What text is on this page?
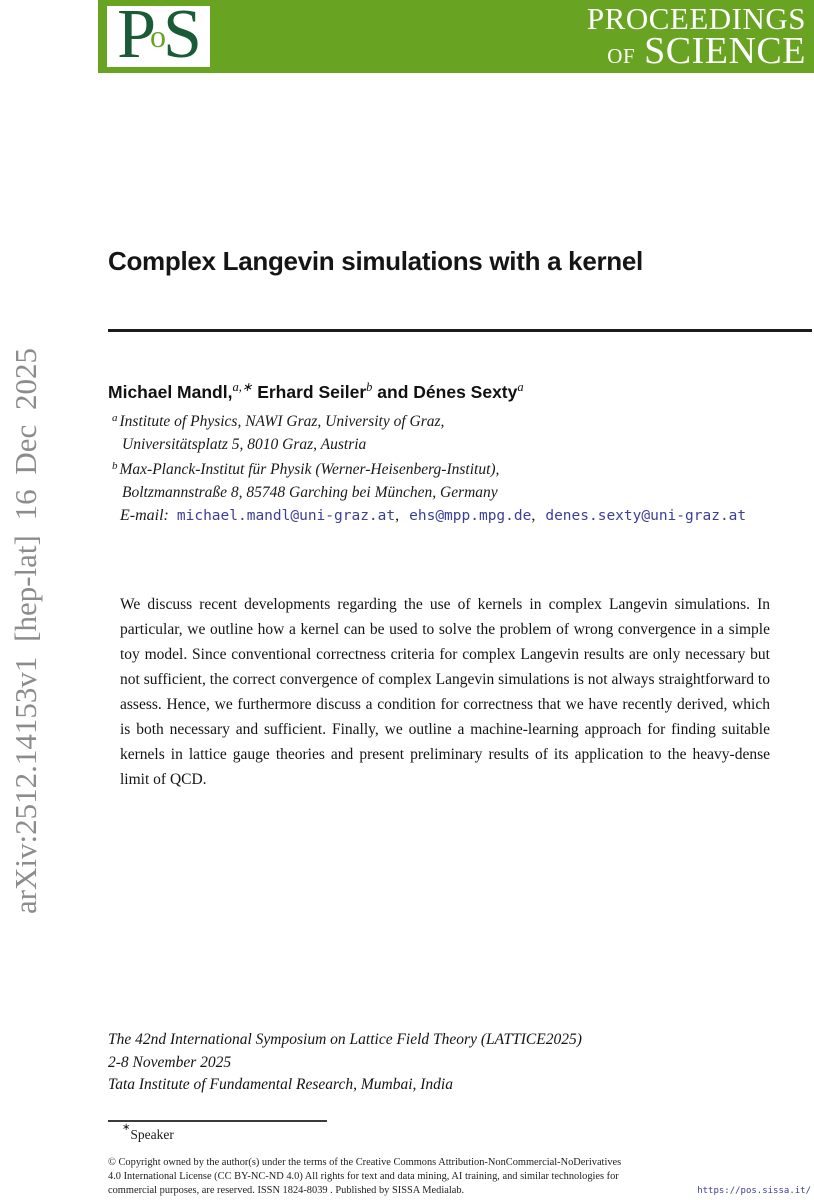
P
o
S	PROCEEDINGS
OF SCIENCE
arXiv:2512.14153v1 [hep-lat] 16 Dec 2025
Complex Langevin simulations with a kernel
Michael Mandl,$^{a,∗}$ Erhard Seiler$^b$ and Dénes Sexty$^a$
$^a$ Institute of Physics, NAWI Graz, University of Graz,
Universitätsplatz 5, 8010 Graz, Austria
$^b$ Max-Planck-Institut für Physik (Werner-Heisenberg-Institut),
Boltzmannstraße 8, 85748 Garching bei München, Germany
E-mail: michael.mandl@uni-graz.at, ehs@mpp.mpg.de, denes.sexty@uni-graz.at
We discuss recent developments regarding the use of kernels in complex Langevin simulations. In particular, we outline how a kernel can be used to solve the problem of wrong convergence in a simple toy model. Since conventional correctness criteria for complex Langevin results are only necessary but not sufficient, the correct convergence of complex Langevin simulations is not always straightforward to assess. Hence, we furthermore discuss a condition for correctness that we have recently derived, which is both necessary and sufficient. Finally, we outline a machine-learning approach for finding suitable kernels in lattice gauge theories and present preliminary results of its application to the heavy-dense limit of QCD.
The 42nd International Symposium on Lattice Field Theory (LATTICE2025)
2-8 November 2025
Tata Institute of Fundamental Research, Mumbai, India
∗Speaker
© Copyright owned by the author(s) under the terms of the Creative Commons Attribution-NonCommercial-NoDerivatives
4.0 International License (CC BY-NC-ND 4.0) All rights for text and data mining, AI training, and similar technologies for
commercial purposes, are reserved. ISSN 1824-8039 . Published by SISSA Medialab.	https://pos.sissa.it/
